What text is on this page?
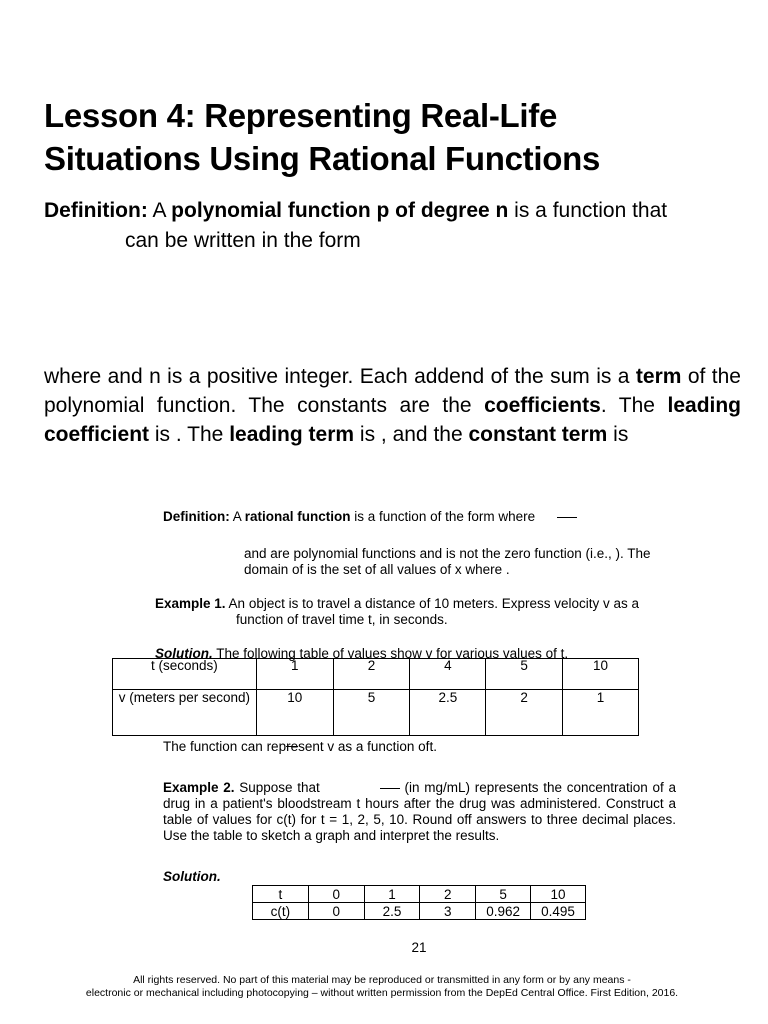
Lesson 4: Representing Real-Life
Situations Using Rational Functions
Definition: A polynomial function p of degree n is a function that
can be written in the form
where and n is a positive integer. Each addend of the sum is a term of the polynomial function. The constants are the coefficients. The leading coefficient is . The leading term is , and the constant term is
Definition: A rational function is a function of the form where
and are polynomial functions and is not the zero function (i.e., ). The
domain of is the set of all values of x where .
Example 1. An object is to travel a distance of 10 meters. Express velocity v as a
function of travel time t, in seconds.
Solution. The following table of values show v for various values of t.
t (seconds)	1	2	4	5	10
v (meters per second)	10	5	2.5	2	1
The function can represent v as a function oft.
Example 2. Suppose that	(in mg/mL) represents the concentration of a drug in a patient's bloodstream t hours after the drug was administered. Construct a table of values for c(t) for t = 1, 2, 5, 10. Round off answers to three decimal places. Use the table to sketch a graph and interpret the results.
Solution.
t	0	1	2	5	10
c(t)	0	2.5	3	0.962	0.495
21
All rights reserved. No part of this material may be reproduced or transmitted in any form or by any means -
electronic or mechanical including photocopying – without written permission from the DepEd Central Office. First Edition, 2016.
